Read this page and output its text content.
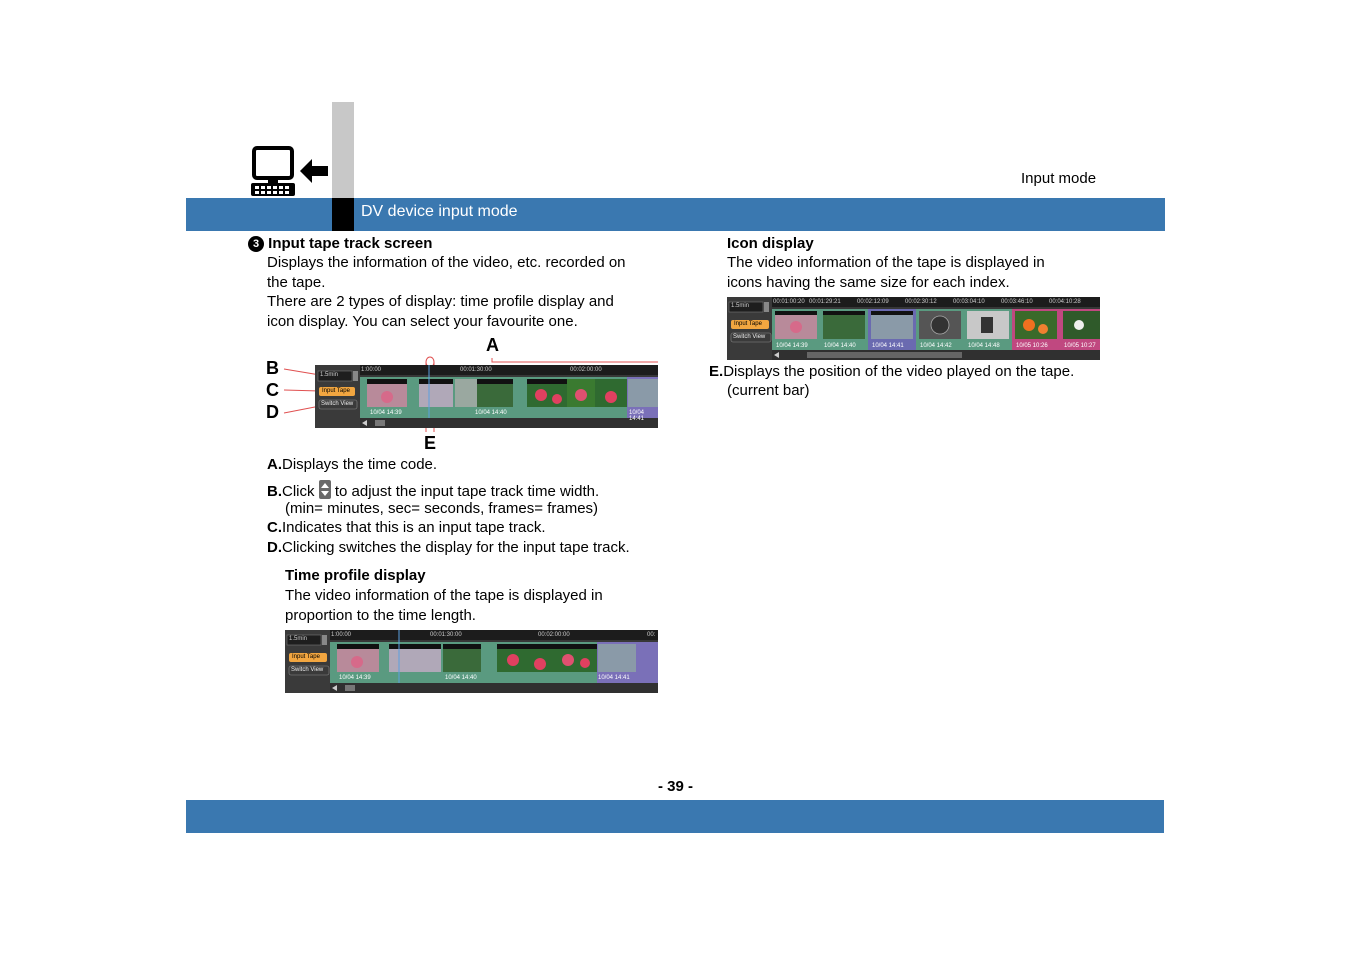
Input mode
DV device input mode
3 Input tape track screen
Displays the information of the video, etc. recorded on
the tape.
There are 2 types of display: time profile display and
icon display. You can select your favourite one.
A
B
C
D
E
1.5min
Input Tape
Switch View
1:00:00	00:01:30:00	00:02:00:00
10/04 14:39	10/04 14:40	10/04 14:41
A.Displays the time code.
B.Click to adjust the input tape track time width.
(min= minutes, sec= seconds, frames= frames)
C.Indicates that this is an input tape track.
D.Clicking switches the display for the input tape track.
Time profile display
The video information of the tape is displayed in
proportion to the time length.
1.5min
Input Tape
Switch View
1:00:00	00:01:30:00	00:02:00:00	00:
10/04 14:39	10/04 14:40	10/04 14:41
Icon display
The video information of the tape is displayed in
icons having the same size for each index.
1.5min
Input Tape
Switch View
00:01:00:20 00:01:29:21	00:02:12:09	00:02:30:12	00:03:04:10	00:03:46:10	00:04:10:28
10/04 14:39	10/04 14:40	10/04 14:41	10/04 14:42	10/04 14:48	10/05 10:26	10/05 10:27
E.Displays the position of the video played on the tape.
(current bar)
- 39 -
